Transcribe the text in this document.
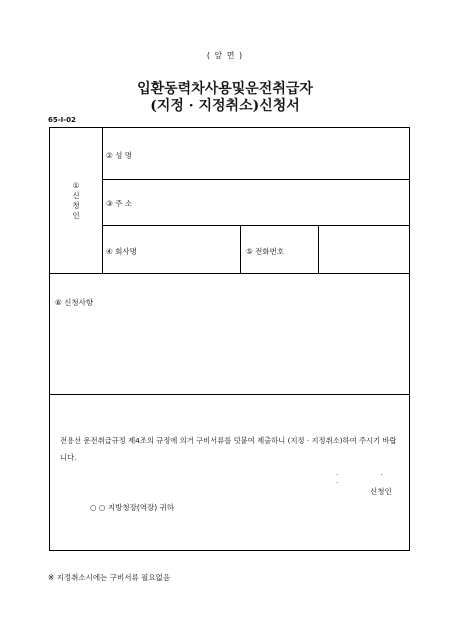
( 앞 면 )
입환동력차사용및운전취급자
(지정 · 지정취소)신청서
65-Ⅰ-02
①
신
청
인
② 성 명
③ 주 소
④ 회사명	⑤ 전화번호
⑥ 신청사항
전용선 운전취급규정 제4조의 규정에 의거 구비서류를 덧붙여 제출하니 (지정 · 지정취소)하여 주시기 바랍니다.
· · ·
신청인
○ ○ 지방청장(역장) 귀하
※ 지정취소시에는 구비서류 필요없음
